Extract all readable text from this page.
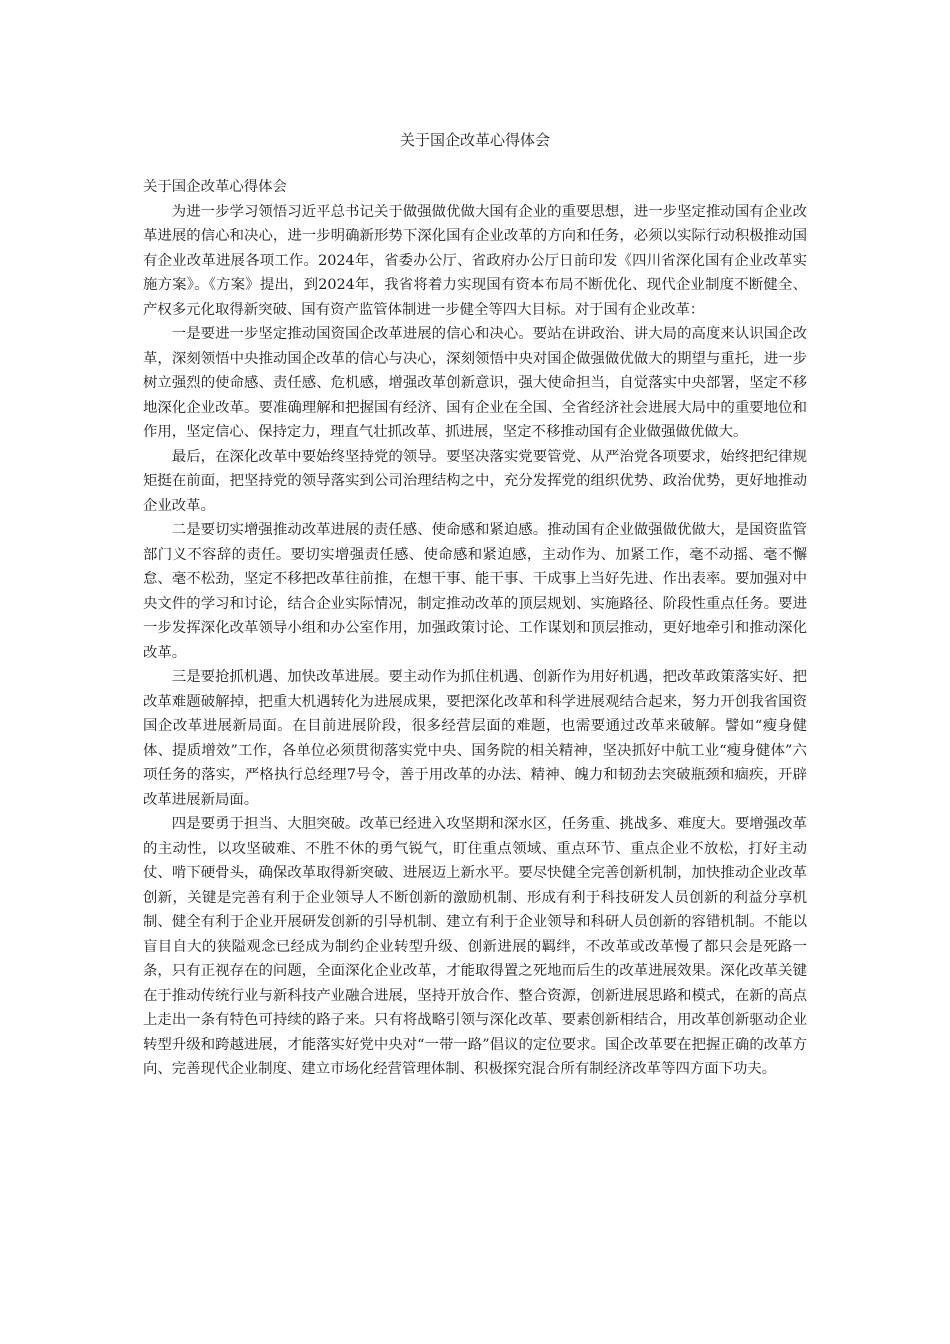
关于国企改革心得体会

关于国企改革心得体会

为进一步学习领悟习近平总书记关于做强做优做大国有企业的重要思想，进一步坚定推动国有企业改革进展的信心和决心，进一步明确新形势下深化国有企业改革的方向和任务，必须以实际行动积极推动国有企业改革进展各项工作。2024年，省委办公厅、省政府办公厅日前印发《四川省深化国有企业改革实施方案》。《方案》提出，到2024年，我省将着力实现国有资本布局不断优化、现代企业制度不断健全、产权多元化取得新突破、国有资产监管体制进一步健全等四大目标。对于国有企业改革：

一是要进一步坚定推动国资国企改革进展的信心和决心。要站在讲政治、讲大局的高度来认识国企改革，深刻领悟中央推动国企改革的信心与决心，深刻领悟中央对国企做强做优做大的期望与重托，进一步树立强烈的使命感、责任感、危机感，增强改革创新意识，强大使命担当，自觉落实中央部署，坚定不移地深化企业改革。要准确理解和把握国有经济、国有企业在全国、全省经济社会进展大局中的重要地位和作用，坚定信心、保持定力，理直气壮抓改革、抓进展，坚定不移推动国有企业做强做优做大。

最后，在深化改革中要始终坚持党的领导。要坚决落实党要管党、从严治党各项要求，始终把纪律规矩挺在前面，把坚持党的领导落实到公司治理结构之中，充分发挥党的组织优势、政治优势，更好地推动企业改革。

二是要切实增强推动改革进展的责任感、使命感和紧迫感。推动国有企业做强做优做大，是国资监管部门义不容辞的责任。要切实增强责任感、使命感和紧迫感，主动作为、加紧工作，毫不动摇、毫不懈怠、毫不松劲，坚定不移把改革往前推，在想干事、能干事、干成事上当好先进、作出表率。要加强对中央文件的学习和讨论，结合企业实际情况，制定推动改革的顶层规划、实施路径、阶段性重点任务。要进一步发挥深化改革领导小组和办公室作用，加强政策讨论、工作谋划和顶层推动，更好地牵引和推动深化改革。

三是要抢抓机遇、加快改革进展。要主动作为抓住机遇、创新作为用好机遇，把改革政策落实好、把改革难题破解掉，把重大机遇转化为进展成果，要把深化改革和科学进展观结合起来，努力开创我省国资国企改革进展新局面。在目前进展阶段，很多经营层面的难题，也需要通过改革来破解。譬如“瘦身健体、提质增效”工作，各单位必须贯彻落实党中央、国务院的相关精神，坚决抓好中航工业“瘦身健体”六项任务的落实，严格执行总经理7号令，善于用改革的办法、精神、魄力和韧劲去突破瓶颈和痼疾，开辟改革进展新局面。

四是要勇于担当、大胆突破。改革已经进入攻坚期和深水区，任务重、挑战多、难度大。要增强改革的主动性，以攻坚破难、不胜不休的勇气锐气，盯住重点领域、重点环节、重点企业不放松，打好主动仗、啃下硬骨头，确保改革取得新突破、进展迈上新水平。要尽快健全完善创新机制，加快推动企业改革创新，关键是完善有利于企业领导人不断创新的激励机制、形成有利于科技研发人员创新的利益分享机制、健全有利于企业开展研发创新的引导机制、建立有利于企业领导和科研人员创新的容错机制。不能以盲目自大的狭隘观念已经成为制约企业转型升级、创新进展的羁绊，不改革或改革慢了都只会是死路一条，只有正视存在的问题，全面深化企业改革，才能取得置之死地而后生的改革进展效果。深化改革关键在于推动传统行业与新科技产业融合进展，坚持开放合作、整合资源，创新进展思路和模式，在新的高点上走出一条有特色可持续的路子来。只有将战略引领与深化改革、要素创新相结合，用改革创新驱动企业转型升级和跨越进展，才能落实好党中央对“一带一路”倡议的定位要求。国企改革要在把握正确的改革方向、完善现代企业制度、建立市场化经营管理体制、积极探究混合所有制经济改革等四方面下功夫。
